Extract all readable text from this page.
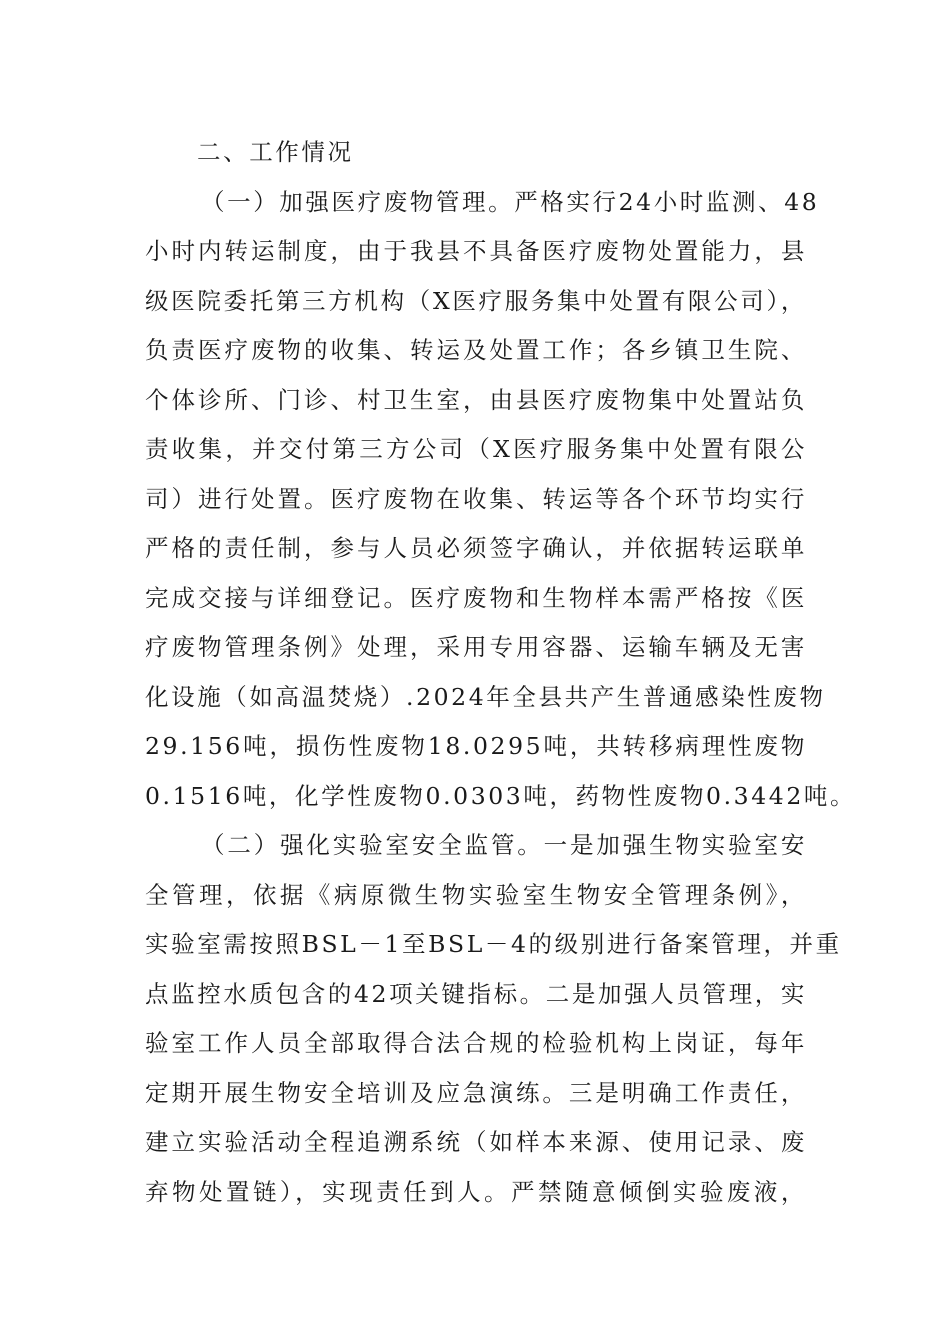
二、工作情况
（一）加强医疗废物管理。严格实行24小时监测、48
小时内转运制度，由于我县不具备医疗废物处置能力，县
级医院委托第三方机构（X医疗服务集中处置有限公司），
负责医疗废物的收集、转运及处置工作；各乡镇卫生院、
个体诊所、门诊、村卫生室，由县医疗废物集中处置站负
责收集，并交付第三方公司（X医疗服务集中处置有限公
司）进行处置。医疗废物在收集、转运等各个环节均实行
严格的责任制，参与人员必须签字确认，并依据转运联单
完成交接与详细登记。医疗废物和生物样本需严格按《医
疗废物管理条例》处理，采用专用容器、运输车辆及无害
化设施（如高温焚烧）.2024年全县共产生普通感染性废物
29.156吨，损伤性废物18.0295吨，共转移病理性废物
0.1516吨，化学性废物0.0303吨，药物性废物0.3442吨。
（二）强化实验室安全监管。一是加强生物实验室安
全管理，依据《病原微生物实验室生物安全管理条例》，
实验室需按照BSL－1至BSL－4的级别进行备案管理，并重
点监控水质包含的42项关键指标。二是加强人员管理，实
验室工作人员全部取得合法合规的检验机构上岗证，每年
定期开展生物安全培训及应急演练。三是明确工作责任，
建立实验活动全程追溯系统（如样本来源、使用记录、废
弃物处置链），实现责任到人。严禁随意倾倒实验废液，
